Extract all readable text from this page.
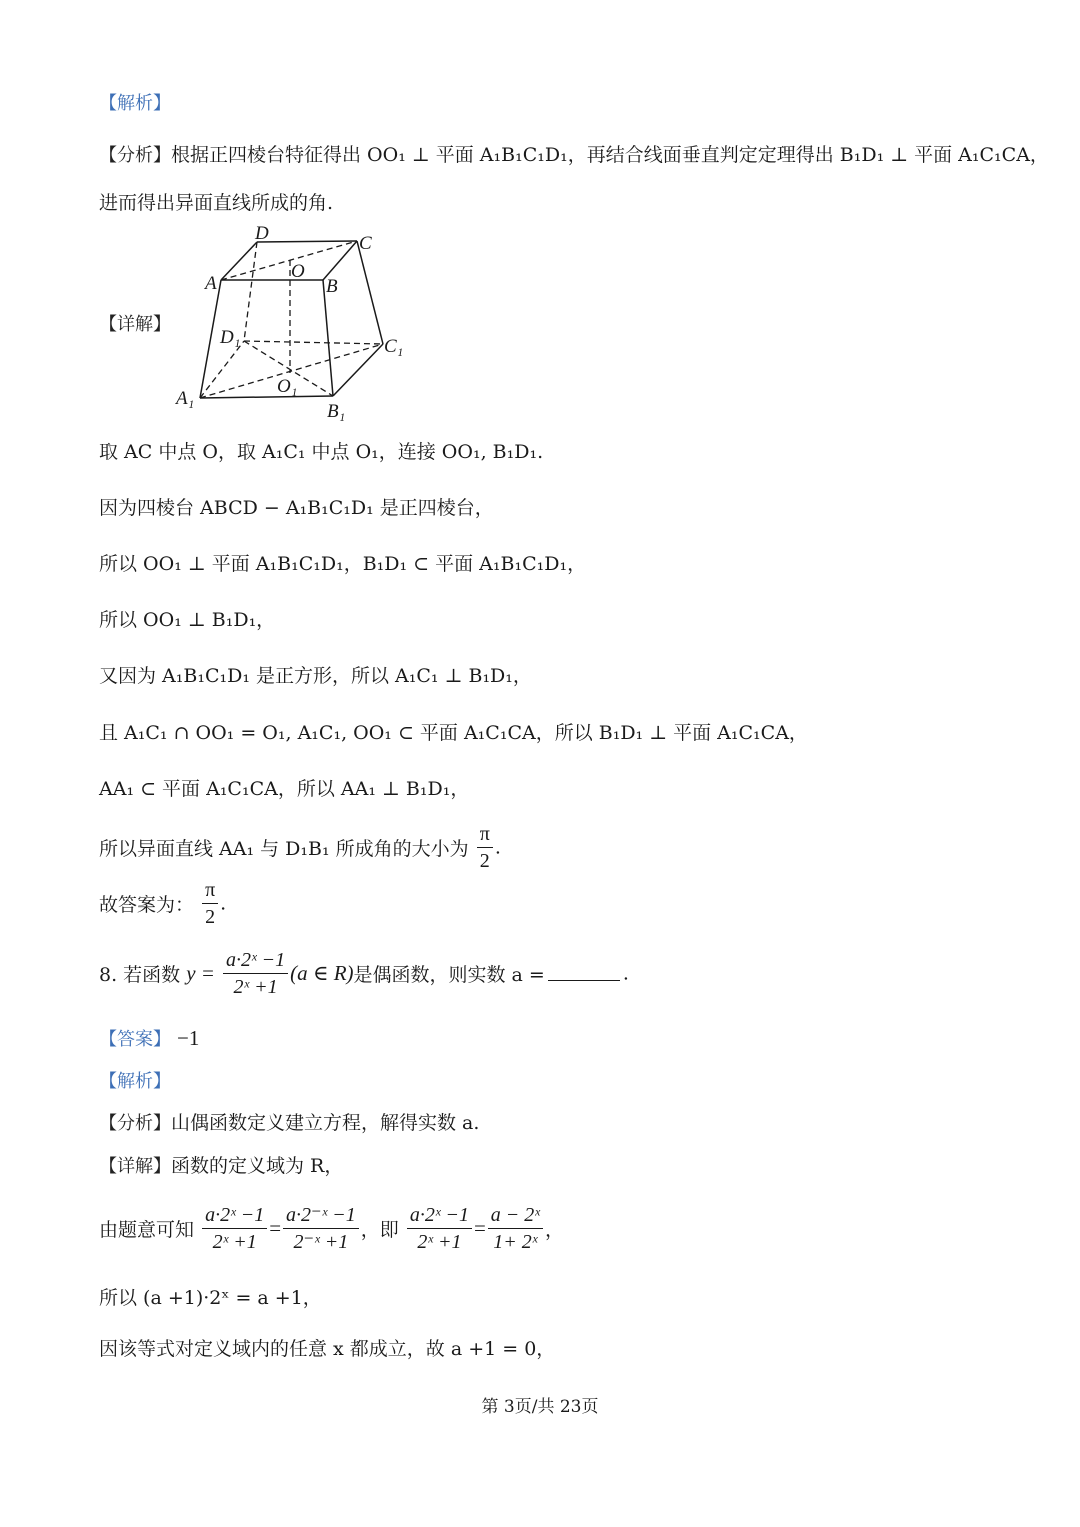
【解析】
【分析】根据正四棱台特征得出 OO₁ ⊥ 平面 A₁B₁C₁D₁，再结合线面垂直判定定理得出 B₁D₁ ⊥ 平面 A₁C₁CA，
进而得出异面直线所成的角.
【详解】
D	C
O
A	B
D₁	C₁
A₁
O₁
B₁
取 AC 中点 O，取 A₁C₁ 中点 O₁，连接 OO₁, B₁D₁.
因为四棱台 ABCD − A₁B₁C₁D₁ 是正四棱台，
所以 OO₁ ⊥ 平面 A₁B₁C₁D₁，B₁D₁ ⊂ 平面 A₁B₁C₁D₁，
所以 OO₁ ⊥ B₁D₁，
又因为 A₁B₁C₁D₁ 是正方形，所以 A₁C₁ ⊥ B₁D₁，
且 A₁C₁ ∩ OO₁ = O₁, A₁C₁, OO₁ ⊂ 平面 A₁C₁CA，所以 B₁D₁ ⊥ 平面 A₁C₁CA，
AA₁ ⊂ 平面 A₁C₁CA，所以 AA₁ ⊥ B₁D₁，
所以异面直线 AA₁ 与 D₁B₁ 所成角的大小为 $\frac{\pi}{2}$ .
故答案为： $\frac{\pi}{2}$ .
8. 若函数 $y = \frac{\text{a·2ˣ −1}}{\text{2ˣ +1}} (a$ ∈ R)是偶函数，则实数 a =	.
【答案】 −1
【解析】
【分析】山偶函数定义建立方程，解得实数 a.
【详解】函数的定义域为 R，
由题意可知 $\frac{\text{a·2ˣ −1}}{\text{2ˣ +1}} = \frac{\text{a·2⁻ˣ −1}}{\text{2⁻ˣ +1}}$ ，即 $\frac{\text{a·2ˣ −1}}{\text{2ˣ +1}} = \frac{\text{a − 2ˣ}}{\text{1+ 2ˣ}}$ ，
所以 (a +1)·2ˣ = a +1，
因该等式对定义域内的任意 x 都成立，故 a +1 = 0，
第 3页/共 23页
